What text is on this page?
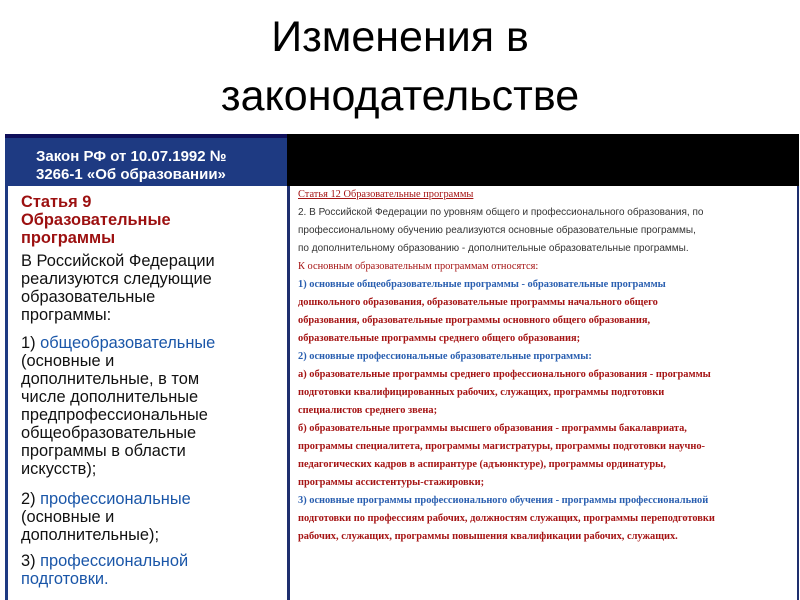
Изменения в
законодательстве
Закон РФ от 10.07.1992 №
3266-1 «Об образовании»
Статья 9
Образовательные
программы
В Российской Федерации
реализуются следующие
образовательные
программы:
1) общеобразовательные
(основные и
дополнительные, в том
числе дополнительные
предпрофессиональные
общеобразовательные
программы в области
искусств);
2) профессиональные
(основные и
дополнительные);
3) профессиональной
подготовки.
Статья 12 Образовательные программы
2. В Российской Федерации по уровням общего и профессионального образования, по
профессиональному обучению реализуются основные образовательные программы,
по дополнительному образованию - дополнительные образовательные программы.
К основным образовательным программам относятся:
1) основные общеобразовательные программы - образовательные программы
дошкольного образования, образовательные программы начального общего
образования, образовательные программы основного общего образования,
образовательные программы среднего общего образования;
2) основные профессиональные образовательные программы:
а) образовательные программы среднего профессионального образования - программы
подготовки квалифицированных рабочих, служащих, программы подготовки
специалистов среднего звена;
б) образовательные программы высшего образования - программы бакалавриата,
программы специалитета, программы магистратуры, программы подготовки научно-
педагогических кадров в аспирантуре (адъюнктуре), программы ординатуры,
программы ассистентуры-стажировки;
3) основные программы профессионального обучения - программы профессиональной
подготовки по профессиям рабочих, должностям служащих, программы переподготовки
рабочих, служащих, программы повышения квалификации рабочих, служащих.
